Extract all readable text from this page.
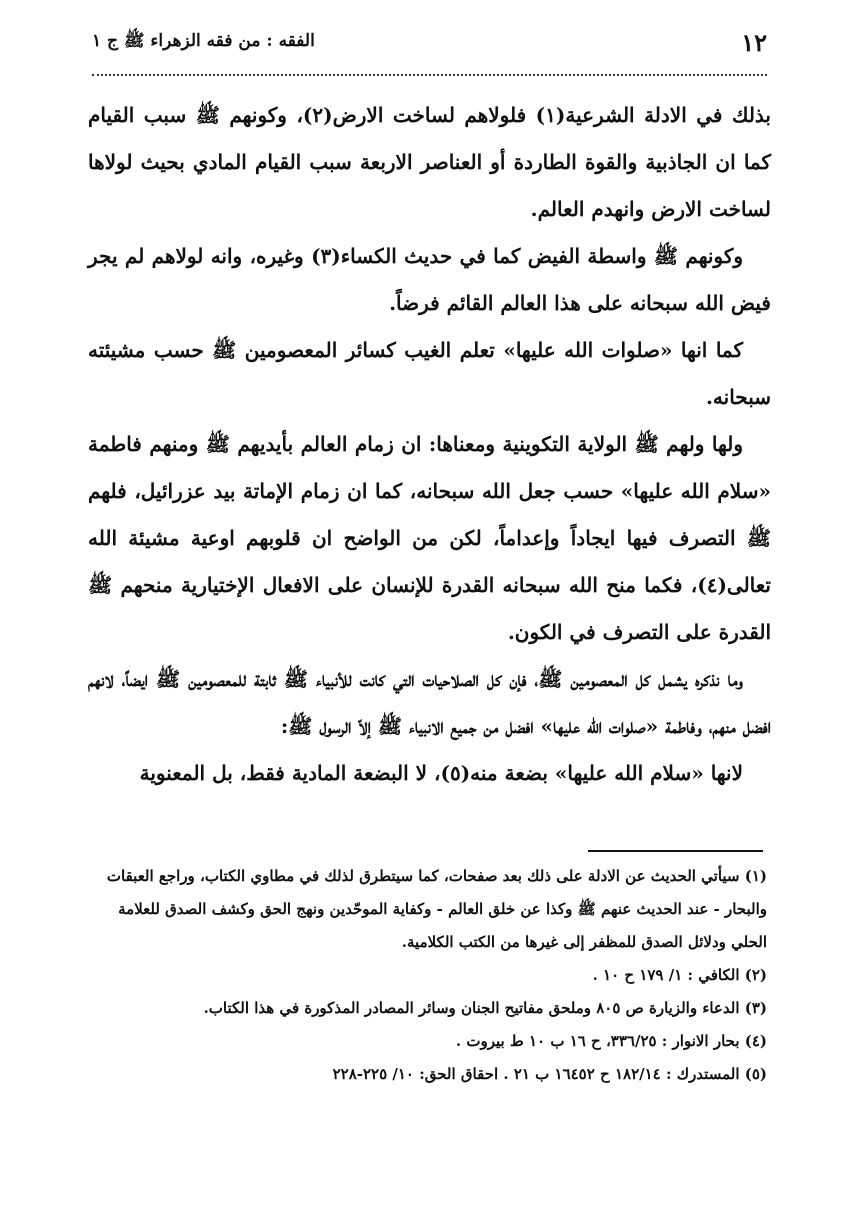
١٢
الفقه : من فقه الزهراء ﷺ ج ١

بذلك في الادلة الشرعية(١) فلولاهم لساخت الارض(٢)، وكونهم ﷺ سبب القيام كما ان الجاذبية والقوة الطاردة أو العناصر الاربعة سبب القيام المادي بحيث لولاها لساخت الارض وانهدم العالم.

وكونهم ﷺ واسطة الفيض كما في حديث الكساء(٣) وغيره، وانه لولاهم لم يجر فيض الله سبحانه على هذا العالم القائم فرضاً.

كما انها «صلوات الله عليها» تعلم الغيب كسائر المعصومين ﷺ حسب مشيئته سبحانه.

ولها ولهم ﷺ الولاية التكوينية ومعناها: ان زمام العالم بأيديهم ﷺ ومنهم فاطمة «سلام الله عليها» حسب جعل الله سبحانه، كما ان زمام الإماتة بيد عزرائيل، فلهم ﷺ التصرف فيها ايجاداً وإعداماً، لكن من الواضح ان قلوبهم اوعية مشيئة الله تعالى(٤)، فكما منح الله سبحانه القدرة للإنسان على الافعال الإختيارية منحهم ﷺ القدرة على التصرف في الكون.

وما نذكره يشمل كل المعصومين ﷺ، فإن كل الصلاحيات التي كانت للأنبياء ﷺ ثابتة للمعصومين ﷺ ايضاً، لانهم افضل منهم، وفاطمة «صلوات الله عليها» افضل من جميع الانبياء ﷺ إلاّ الرسول ﷺ:

لانها «سلام الله عليها» بضعة منه(٥)، لا البضعة المادية فقط، بل المعنوية

(١) سيأتي الحديث عن الادلة على ذلك بعد صفحات، كما سيتطرق لذلك في مطاوي الكتاب، وراجع العبقات والبحار - عند الحديث عنهم ﷺ وكذا عن خلق العالم - وكفاية الموحّدين ونهج الحق وكشف الصدق للعلامة الحلي ودلائل الصدق للمظفر إلى غيرها من الكتب الكلامية.

(٢) الكافي : ١/ ١٧٩ ح ١٠ .

(٣) الدعاء والزيارة ص ٨٠٥ وملحق مفاتيح الجنان وسائر المصادر المذكورة في هذا الكتاب.

(٤) بحار الانوار : ٣٣٦/٢٥، ح ١٦ ب ١٠ ط بيروت .

(٥) المستدرك : ١٨٢/١٤ ح ١٦٤٥٢ ب ٢١ . احقاق الحق: ١٠/ ٢٢٥-٢٢٨
